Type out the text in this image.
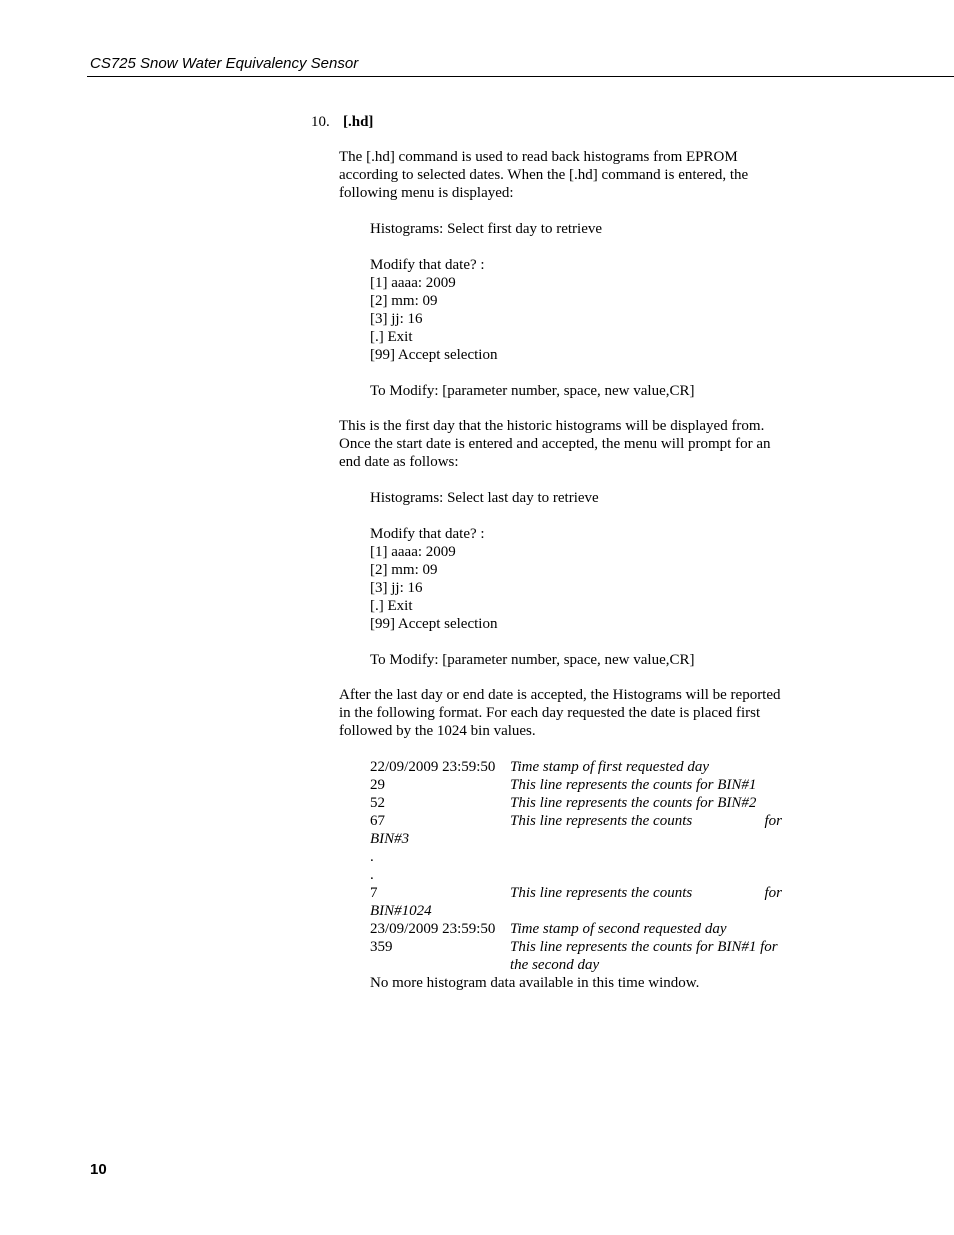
CS725 Snow Water Equivalency Sensor
10. [.hd]

The [.hd] command is used to read back histograms from EPROM
according to selected dates. When the [.hd] command is entered, the
following menu is displayed:

Histograms: Select first day to retrieve
Modify that date? :
[1] aaaa: 2009
[2] mm: 09
[3] jj: 16
[.] Exit
[99] Accept selection
To Modify: [parameter number, space, new value,CR]

This is the first day that the historic histograms will be displayed from.
Once the start date is entered and accepted, the menu will prompt for an
end date as follows:

Histograms: Select last day to retrieve
Modify that date? :
[1] aaaa: 2009
[2] mm: 09
[3] jj: 16
[.] Exit
[99] Accept selection
To Modify: [parameter number, space, new value,CR]

After the last day or end date is accepted, the Histograms will be reported
in the following format. For each day requested the date is placed first
followed by the 1024 bin values.

22/09/2009 23:59:50 Time stamp of first requested day
29	This line represents the counts for BIN#1
52	This line represents the counts for BIN#2
67	This line represents the counts	for
BIN#3
.
.
7	This line represents the counts	for
BIN#1024
23/09/2009 23:59:50 Time stamp of second requested day
359	This line represents the counts for BIN#1 for
the second day
No more histogram data available in this time window.
10
